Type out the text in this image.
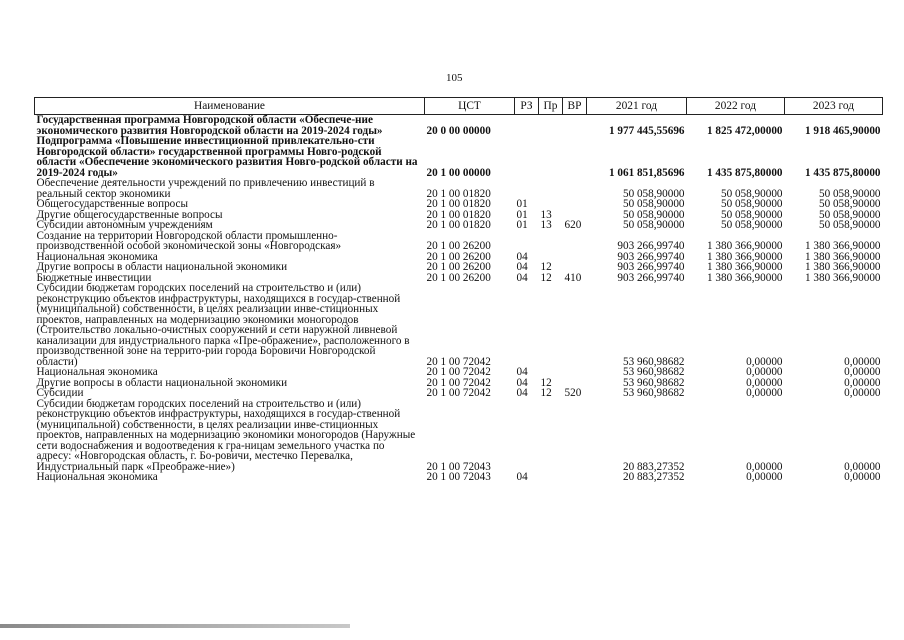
105
Наименование	ЦСТ	РЗ	Пр	ВР	2021 год	2022 год	2023 год
Государственная программа Новгородской области «Обеспече-ние экономического развития Новгородской области на 2019-2024 годы»	20 0 00 00000				1 977 445,55696	1 825 472,00000	1 918 465,90000
Подпрограмма «Повышение инвестиционной привлекательно-сти Новгородской области» государственной программы Новго-родской области «Обеспечение экономического развития Новго-родской области на 2019-2024 годы»	20 1 00 00000				1 061 851,85696	1 435 875,80000	1 435 875,80000
Обеспечение деятельности учреждений по привлечению инвестиций в реальный сектор экономики	20 1 00 01820				50 058,90000	50 058,90000	50 058,90000
Общегосударственные вопросы	20 1 00 01820	01			50 058,90000	50 058,90000	50 058,90000
Другие общегосударственные вопросы	20 1 00 01820	01	13		50 058,90000	50 058,90000	50 058,90000
Субсидии автономным учреждениям	20 1 00 01820	01	13	620	50 058,90000	50 058,90000	50 058,90000
Создание на территории Новгородской области промышленно-производственной особой экономической зоны «Новгородская»	20 1 00 26200				903 266,99740	1 380 366,90000	1 380 366,90000
Национальная экономика	20 1 00 26200	04			903 266,99740	1 380 366,90000	1 380 366,90000
Другие вопросы в области национальной экономики	20 1 00 26200	04	12		903 266,99740	1 380 366,90000	1 380 366,90000
Бюджетные инвестиции	20 1 00 26200	04	12	410	903 266,99740	1 380 366,90000	1 380 366,90000
Субсидии бюджетам городских поселений на строительство и (или) реконструкцию объектов инфраструктуры, находящихся в государ-ственной (муниципальной) собственности, в целях реализации инве-стиционных проектов, направленных на модернизацию экономики моногородов (Строительство локально-очистных сооружений и сети наружной ливневой канализации для индустриального парка «Пре-ображение», расположенного в производственной зоне на террито-рии города Боровичи Новгородской области)	20 1 00 72042				53 960,98682	0,00000	0,00000
Национальная экономика	20 1 00 72042	04			53 960,98682	0,00000	0,00000
Другие вопросы в области национальной экономики	20 1 00 72042	04	12		53 960,98682	0,00000	0,00000
Субсидии	20 1 00 72042	04	12	520	53 960,98682	0,00000	0,00000
Субсидии бюджетам городских поселений на строительство и (или) реконструкцию объектов инфраструктуры, находящихся в государ-ственной (муниципальной) собственности, в целях реализации инве-стиционных проектов, направленных на модернизацию экономики моногородов (Наружные сети водоснабжения и водоотведения к гра-ницам земельного участка по адресу: «Новгородская область, г. Бо-ровичи, местечко Перевалка, Индустриальный парк «Преображе-ние»)	20 1 00 72043				20 883,27352	0,00000	0,00000
Национальная экономика	20 1 00 72043	04			20 883,27352	0,00000	0,00000
